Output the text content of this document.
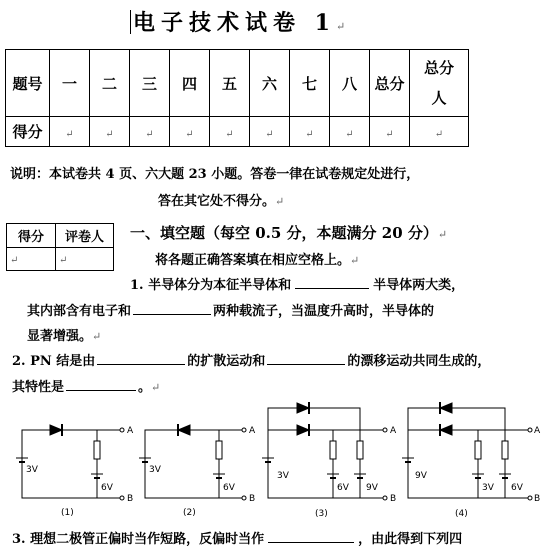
电子技术试卷 1↵
题号	一	二	三	四	五	六	七	八	总分	总分人

得分	↵	↵	↵	↵	↵	↵	↵	↵	↵	↵
说明：本试卷共 4 页、六大题 23 小题。答卷一律在试卷规定处进行，
答在其它处不得分。↵
得分	评卷人
↵	↵
一、填空题（每空 0.5 分，本题满分 20 分）↵
将各题正确答案填在相应空格上。↵
1. 半导体分为本征半导体和	半导体两大类，
其内部含有电子和	两种载流子，当温度升高时，半导体的
显著增强。↵
2. PN 结是由	的扩散运动和	的漂移运动共同生成的，
其特性是	。↵
3V
6V
A
B
(1)
3V
6V
A
B
(2)
3V
6V 9V
A
B
(3)
9V
3V 6V
A
B
(4)
3. 理想二极管正偏时当作短路，反偏时当作	，由此得到下列四
